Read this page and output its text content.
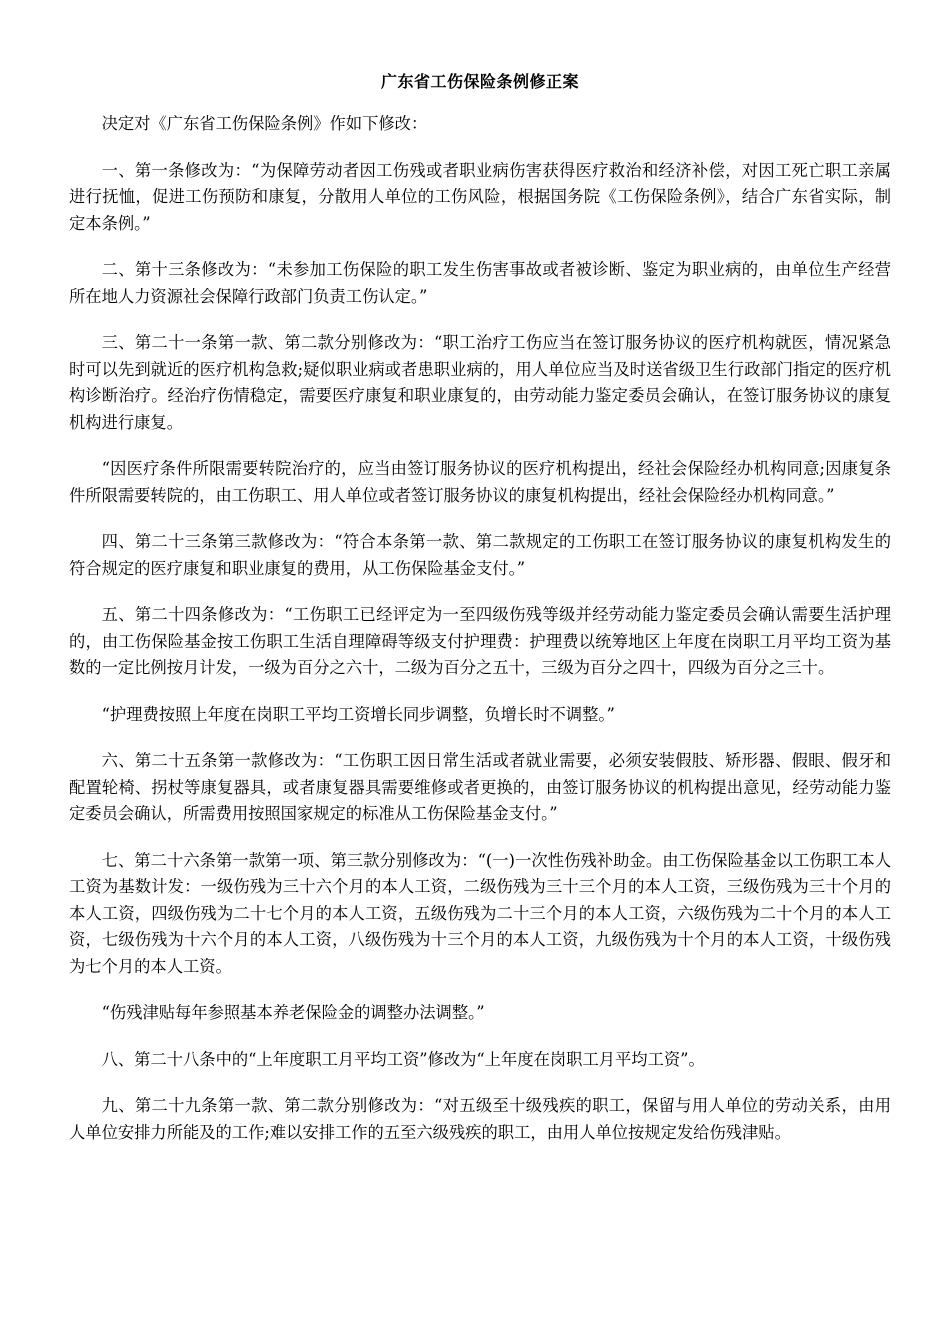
广东省工伤保险条例修正案

决定对《广东省工伤保险条例》作如下修改：

一、第一条修改为：“为保障劳动者因工伤残或者职业病伤害获得医疗救治和经济补偿，对因工死亡职工亲属进行抚恤，促进工伤预防和康复，分散用人单位的工伤风险，根据国务院《工伤保险条例》，结合广东省实际，制定本条例。”

二、第十三条修改为：“未参加工伤保险的职工发生伤害事故或者被诊断、鉴定为职业病的，由单位生产经营所在地人力资源社会保障行政部门负责工伤认定。”

三、第二十一条第一款、第二款分别修改为：“职工治疗工伤应当在签订服务协议的医疗机构就医，情况紧急时可以先到就近的医疗机构急救;疑似职业病或者患职业病的，用人单位应当及时送省级卫生行政部门指定的医疗机构诊断治疗。经治疗伤情稳定，需要医疗康复和职业康复的，由劳动能力鉴定委员会确认，在签订服务协议的康复机构进行康复。

“因医疗条件所限需要转院治疗的，应当由签订服务协议的医疗机构提出，经社会保险经办机构同意;因康复条件所限需要转院的，由工伤职工、用人单位或者签订服务协议的康复机构提出，经社会保险经办机构同意。”

四、第二十三条第三款修改为：“符合本条第一款、第二款规定的工伤职工在签订服务协议的康复机构发生的符合规定的医疗康复和职业康复的费用，从工伤保险基金支付。”

五、第二十四条修改为：“工伤职工已经评定为一至四级伤残等级并经劳动能力鉴定委员会确认需要生活护理的，由工伤保险基金按工伤职工生活自理障碍等级支付护理费：护理费以统筹地区上年度在岗职工月平均工资为基数的一定比例按月计发，一级为百分之六十，二级为百分之五十，三级为百分之四十，四级为百分之三十。

“护理费按照上年度在岗职工平均工资增长同步调整，负增长时不调整。”

六、第二十五条第一款修改为：“工伤职工因日常生活或者就业需要，必须安装假肢、矫形器、假眼、假牙和配置轮椅、拐杖等康复器具，或者康复器具需要维修或者更换的，由签订服务协议的机构提出意见，经劳动能力鉴定委员会确认，所需费用按照国家规定的标准从工伤保险基金支付。”

七、第二十六条第一款第一项、第三款分别修改为：“(一)一次性伤残补助金。由工伤保险基金以工伤职工本人工资为基数计发：一级伤残为三十六个月的本人工资，二级伤残为三十三个月的本人工资，三级伤残为三十个月的本人工资，四级伤残为二十七个月的本人工资，五级伤残为二十三个月的本人工资，六级伤残为二十个月的本人工资，七级伤残为十六个月的本人工资，八级伤残为十三个月的本人工资，九级伤残为十个月的本人工资，十级伤残为七个月的本人工资。

“伤残津贴每年参照基本养老保险金的调整办法调整。”

八、第二十八条中的“上年度职工月平均工资”修改为“上年度在岗职工月平均工资”。

九、第二十九条第一款、第二款分别修改为：“对五级至十级残疾的职工，保留与用人单位的劳动关系，由用人单位安排力所能及的工作;难以安排工作的五至六级残疾的职工，由用人单位按规定发给伤残津贴。
